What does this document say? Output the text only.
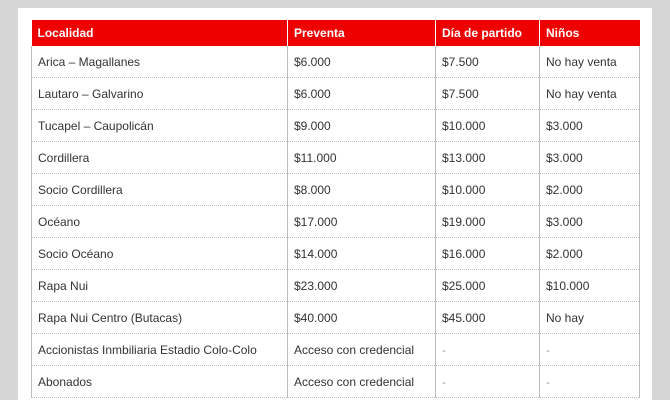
Localidad	Preventa	Día de partido	Niños
Arica – Magallanes	$6.000	$7.500	No hay venta
Lautaro – Galvarino	$6.000	$7.500	No hay venta
Tucapel – Caupolicán	$9.000	$10.000	$3.000
Cordillera	$11.000	$13.000	$3.000
Socio Cordillera	$8.000	$10.000	$2.000
Océano	$17.000	$19.000	$3.000
Socio Océano	$14.000	$16.000	$2.000
Rapa Nui	$23.000	$25.000	$10.000
Rapa Nui Centro (Butacas)	$40.000	$45.000	No hay
Accionistas Inmbiliaria Estadio Colo-Colo	Acceso con credencial	-	-
Abonados	Acceso con credencial	-	-
